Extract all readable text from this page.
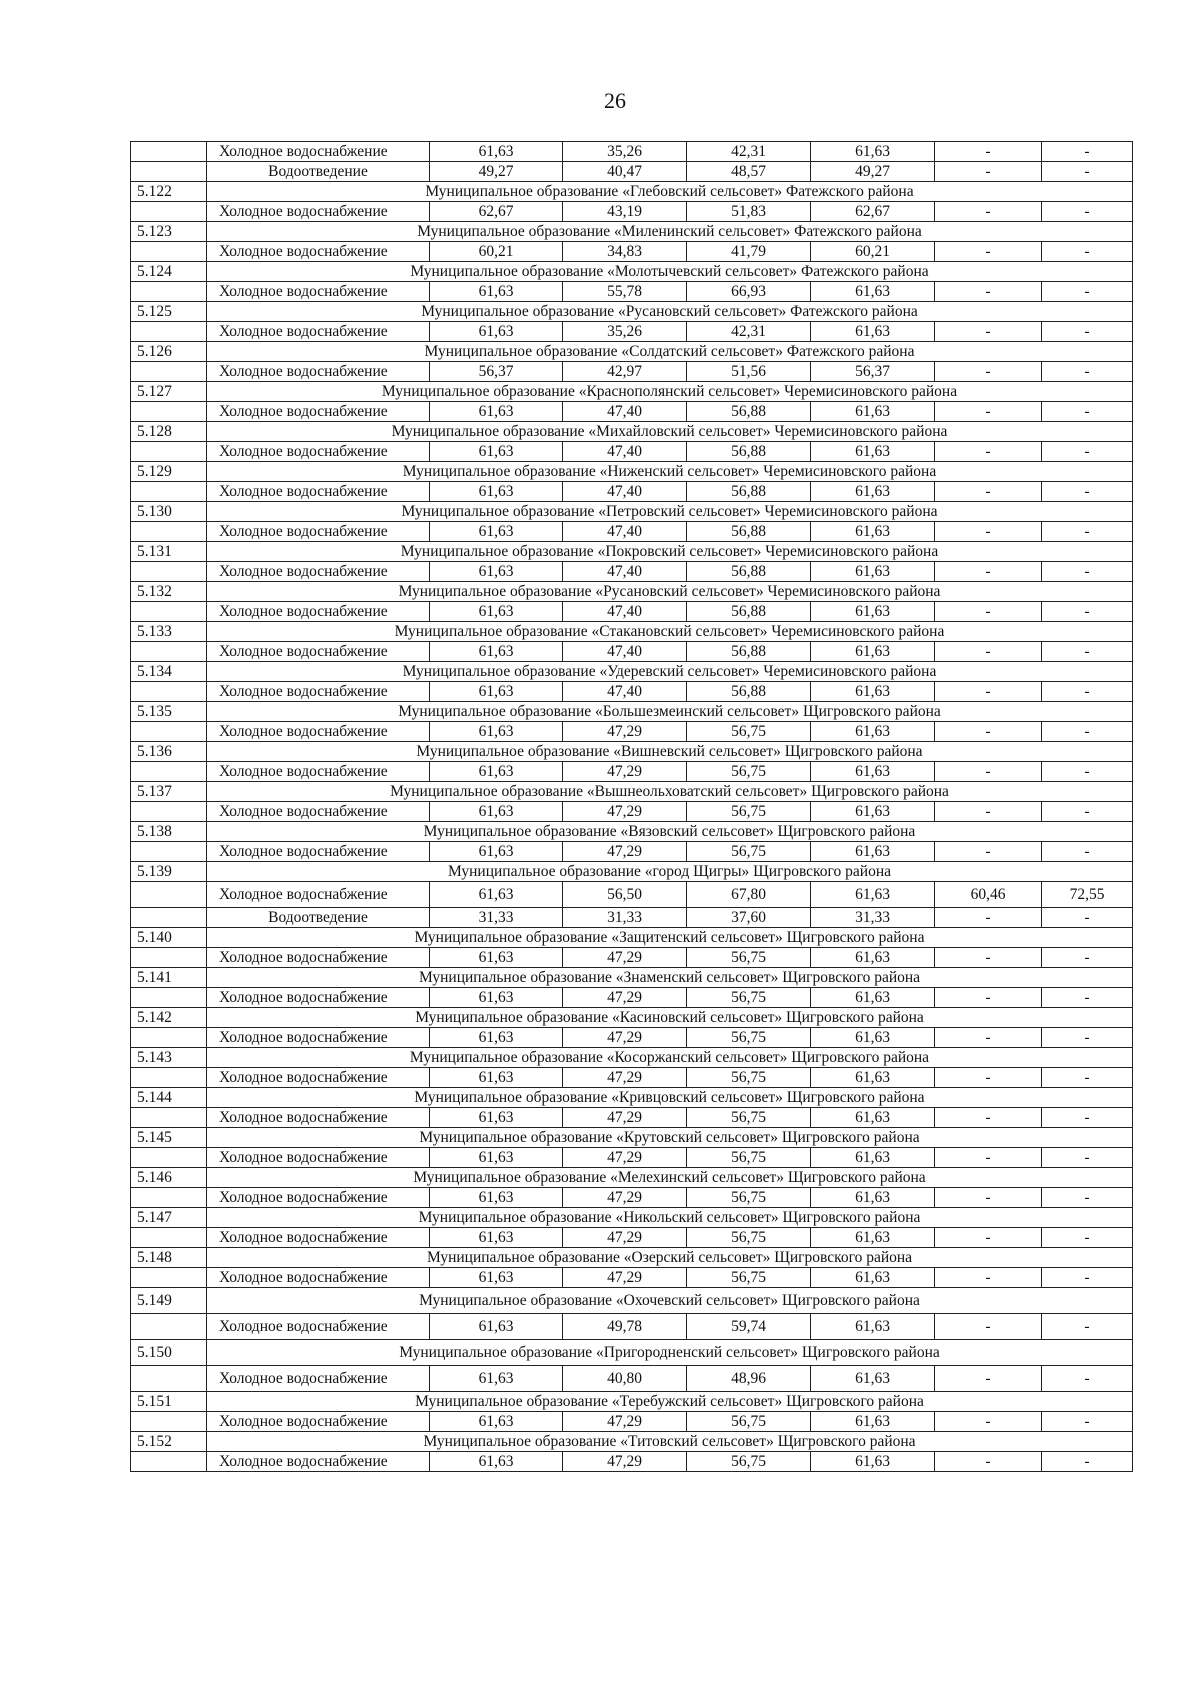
26
	Холодное водоснабжение	61,63	35,26	42,31	61,63	-	-
	Водоотведение	49,27	40,47	48,57	49,27	-	-
5.122	Муниципальное образование «Глебовский сельсовет» Фатежского района						
	Холодное водоснабжение	62,67	43,19	51,83	62,67	-	-
5.123	Муниципальное образование «Миленинский сельсовет» Фатежского района						
	Холодное водоснабжение	60,21	34,83	41,79	60,21	-	-
5.124	Муниципальное образование «Молотычевский сельсовет» Фатежского района						
	Холодное водоснабжение	61,63	55,78	66,93	61,63	-	-
5.125	Муниципальное образование «Русановский сельсовет» Фатежского района						
	Холодное водоснабжение	61,63	35,26	42,31	61,63	-	-
5.126	Муниципальное образование «Солдатский сельсовет» Фатежского района						
	Холодное водоснабжение	56,37	42,97	51,56	56,37	-	-
5.127	Муниципальное образование «Краснополянский сельсовет» Черемисиновского района						
	Холодное водоснабжение	61,63	47,40	56,88	61,63	-	-
5.128	Муниципальное образование «Михайловский сельсовет» Черемисиновского района						
	Холодное водоснабжение	61,63	47,40	56,88	61,63	-	-
5.129	Муниципальное образование «Ниженский сельсовет» Черемисиновского района						
	Холодное водоснабжение	61,63	47,40	56,88	61,63	-	-
5.130	Муниципальное образование «Петровский сельсовет» Черемисиновского района						
	Холодное водоснабжение	61,63	47,40	56,88	61,63	-	-
5.131	Муниципальное образование «Покровский сельсовет» Черемисиновского района						
	Холодное водоснабжение	61,63	47,40	56,88	61,63	-	-
5.132	Муниципальное образование «Русановский сельсовет» Черемисиновского района						
	Холодное водоснабжение	61,63	47,40	56,88	61,63	-	-
5.133	Муниципальное образование «Стакановский сельсовет» Черемисиновского района						
	Холодное водоснабжение	61,63	47,40	56,88	61,63	-	-
5.134	Муниципальное образование «Удеревский сельсовет» Черемисиновского района						
	Холодное водоснабжение	61,63	47,40	56,88	61,63	-	-
5.135	Муниципальное образование «Большезмеинский сельсовет» Щигровского района						
	Холодное водоснабжение	61,63	47,29	56,75	61,63	-	-
5.136	Муниципальное образование «Вишневский сельсовет» Щигровского района						
	Холодное водоснабжение	61,63	47,29	56,75	61,63	-	-
5.137	Муниципальное образование «Вышнеольховатский сельсовет» Щигровского района						
	Холодное водоснабжение	61,63	47,29	56,75	61,63	-	-
5.138	Муниципальное образование «Вязовский сельсовет» Щигровского района						
	Холодное водоснабжение	61,63	47,29	56,75	61,63	-	-
5.139	Муниципальное образование «город Щигры» Щигровского района						
	Холодное водоснабжение	61,63	56,50	67,80	61,63	60,46	72,55
	Водоотведение	31,33	31,33	37,60	31,33	-	-
5.140	Муниципальное образование «Защитенский сельсовет» Щигровского района						
	Холодное водоснабжение	61,63	47,29	56,75	61,63	-	-
5.141	Муниципальное образование «Знаменский сельсовет» Щигровского района						
	Холодное водоснабжение	61,63	47,29	56,75	61,63	-	-
5.142	Муниципальное образование «Касиновский сельсовет» Щигровского района						
	Холодное водоснабжение	61,63	47,29	56,75	61,63	-	-
5.143	Муниципальное образование «Косоржанский сельсовет» Щигровского района						
	Холодное водоснабжение	61,63	47,29	56,75	61,63	-	-
5.144	Муниципальное образование «Кривцовский сельсовет» Щигровского района						
	Холодное водоснабжение	61,63	47,29	56,75	61,63	-	-
5.145	Муниципальное образование «Крутовский сельсовет» Щигровского района						
	Холодное водоснабжение	61,63	47,29	56,75	61,63	-	-
5.146	Муниципальное образование «Мелехинский сельсовет» Щигровского района						
	Холодное водоснабжение	61,63	47,29	56,75	61,63	-	-
5.147	Муниципальное образование «Никольский сельсовет» Щигровского района						
	Холодное водоснабжение	61,63	47,29	56,75	61,63	-	-
5.148	Муниципальное образование «Озерский сельсовет» Щигровского района						
	Холодное водоснабжение	61,63	47,29	56,75	61,63	-	-
5.149	Муниципальное образование «Охочевский сельсовет» Щигровского района						
	Холодное водоснабжение	61,63	49,78	59,74	61,63	-	-
5.150	Муниципальное образование «Пригородненский сельсовет» Щигровского района						
	Холодное водоснабжение	61,63	40,80	48,96	61,63	-	-
5.151	Муниципальное образование «Теребужский сельсовет» Щигровского района						
	Холодное водоснабжение	61,63	47,29	56,75	61,63	-	-
5.152	Муниципальное образование «Титовский сельсовет» Щигровского района						
	Холодное водоснабжение	61,63	47,29	56,75	61,63	-	-
